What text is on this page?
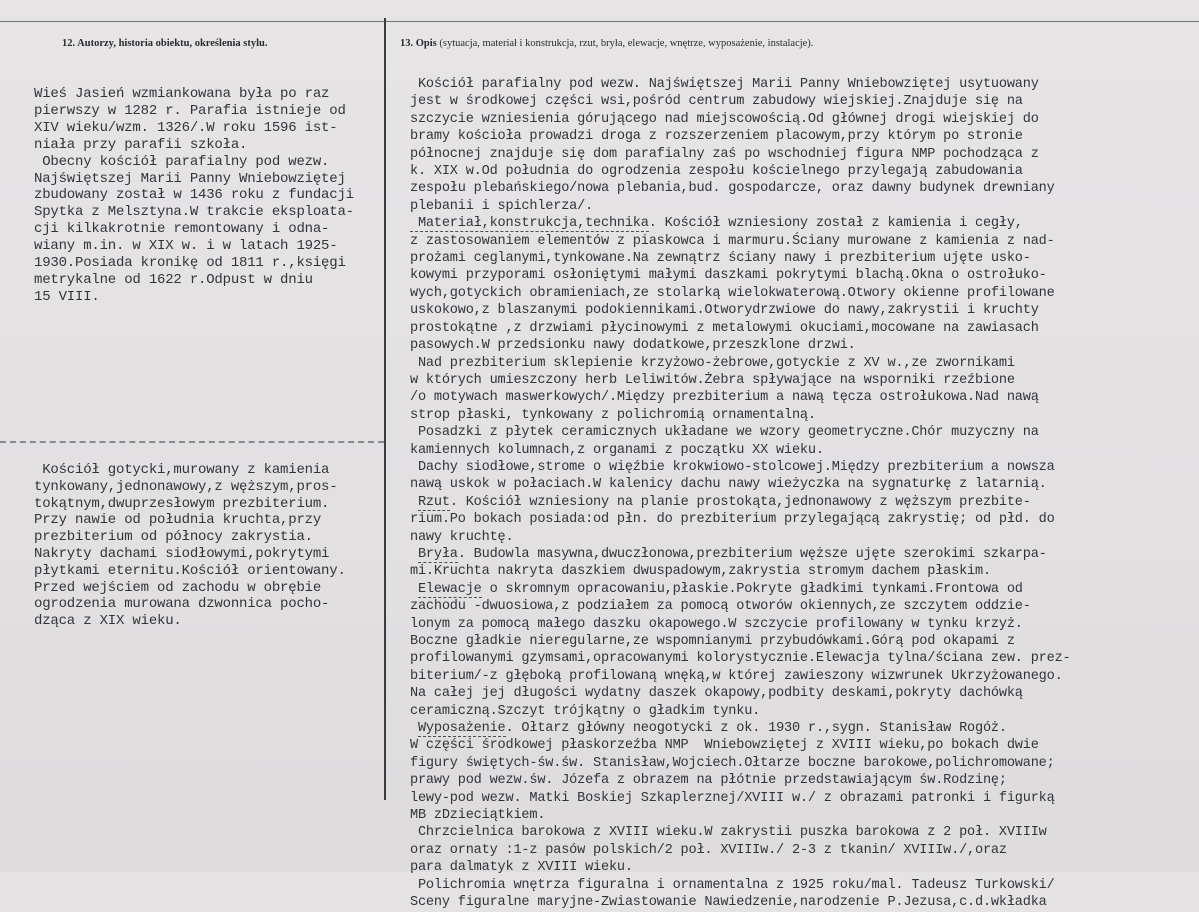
12. Autorzy, historia obiektu, określenia stylu.	13. Opis (sytuacja, materiał i konstrukcja, rzut, bryła, elewacje, wnętrze, wyposażenie, instalacje).
Wieś Jasień wzmiankowana była po raz
pierwszy w 1282 r. Parafia istnieje od
XIV wieku/wzm. 1326/.W roku 1596 ist-
niała przy parafii szkoła.
Obecny kościół parafialny pod wezw.
Najświętszej Marii Panny Wniebowziętej
zbudowany został w 1436 roku z fundacji
Spytka z Melsztyna.W trakcie eksploata-
cji kilkakrotnie remontowany i odna-
wiany m.in. w XIX w. i w latach 1925-
1930.Posiada kronikę od 1811 r.,księgi
metrykalne od 1622 r.Odpust w dniu
15 VIII.
Kościół gotycki,murowany z kamienia
tynkowany,jednonawowy,z węższym,pros-
tokątnym,dwuprzesłowym prezbiterium.
Przy nawie od południa kruchta,przy
prezbiterium od północy zakrystia.
Nakryty dachami siodłowymi,pokrytymi
płytkami eternitu.Kościół orientowany.
Przed wejściem od zachodu w obrębie
ogrodzenia murowana dzwonnica pocho-
dząca z XIX wieku.
Kościół parafialny pod wezw. Najświętszej Marii Panny Wniebowziętej usytuowany
jest w środkowej części wsi,pośród centrum zabudowy wiejskiej.Znajduje się na
szczycie wzniesienia górującego nad miejscowością.Od głównej drogi wiejskiej do
bramy kościoła prowadzi droga z rozszerzeniem placowym,przy którym po stronie
północnej znajduje się dom parafialny zaś po wschodniej figura NMP pochodząca z
k. XIX w.Od południa do ogrodzenia zespołu kościelnego przylegają zabudowania
zespołu plebańskiego/nowa plebania,bud. gospodarcze, oraz dawny budynek drewniany
plebanii i spichlerza/.
Materiał,konstrukcja,technika. Kościół wzniesiony został z kamienia i cegły,
z zastosowaniem elementów z piaskowca i marmuru.Ściany murowane z kamienia z nad-
prożami ceglanymi,tynkowane.Na zewnątrz ściany nawy i prezbiterium ujęte usko-
kowymi przyporami osłoniętymi małymi daszkami pokrytymi blachą.Okna o ostrołuko-
wych,gotyckich obramieniach,ze stolarką wielokwaterową.Otwory okienne profilowane
uskokowo,z blaszanymi podokiennikami.Otworydrzwiowe do nawy,zakrystii i kruchty
prostokątne ,z drzwiami płycinowymi z metalowymi okuciami,mocowane na zawiasach
pasowych.W przedsionku nawy dodatkowe,przeszklone drzwi.
Nad prezbiterium sklepienie krzyżowo-żebrowe,gotyckie z XV w.,ze zwornikami
w których umieszczony herb Leliwitów.Żebra spływające na wsporniki rzeźbione
/o motywach maswerkowych/.Między prezbiterium a nawą tęcza ostrołukowa.Nad nawą
strop płaski, tynkowany z polichromią ornamentalną.
Posadzki z płytek ceramicznych układane we wzory geometryczne.Chór muzyczny na
kamiennych kolumnach,z organami z początku XX wieku.
Dachy siodłowe,strome o więźbie krokwiowo-stolcowej.Między prezbiterium a nowsza
nawą uskok w połaciach.W kalenicy dachu nawy wieżyczka na sygnaturkę z latarnią.
Rzut. Kościół wzniesiony na planie prostokąta,jednonawowy z węższym prezbite-
rium.Po bokach posiada:od płn. do prezbiterium przylegającą zakrystię; od płd. do
nawy kruchtę.
Bryła. Budowla masywna,dwuczłonowa,prezbiterium węższe ujęte szerokimi szkarpa-
mi.Kruchta nakryta daszkiem dwuspadowym,zakrystia stromym dachem płaskim.
Elewacje o skromnym opracowaniu,płaskie.Pokryte gładkimi tynkami.Frontowa od
zachodu -dwuosiowa,z podziałem za pomocą otworów okiennych,ze szczytem oddzie-
lonym za pomocą małego daszku okapowego.W szczycie profilowany w tynku krzyż.
Boczne gładkie nieregularne,ze wspomnianymi przybudówkami.Górą pod okapami z
profilowanymi gzymsami,opracowanymi kolorystycznie.Elewacja tylna/ściana zew. prez-
biterium/-z głęboką profilowaną wnęką,w której zawieszony wizwrunek Ukrzyżowanego.
Na całej jej długości wydatny daszek okapowy,podbity deskami,pokryty dachówką
ceramiczną.Szczyt trójkątny o gładkim tynku.
Wyposażenie. Ołtarz główny neogotycki z ok. 1930 r.,sygn. Stanisław Rogóż.
W części środkowej płaskorzeźba NMP  Wniebowziętej z XVIII wieku,po bokach dwie
figury świętych-św.św. Stanisław,Wojciech.Ołtarze boczne barokowe,polichromowane;
prawy pod wezw.św. Józefa z obrazem na płótnie przedstawiającym św.Rodzinę;
lewy-pod wezw. Matki Boskiej Szkaplerznej/XVIII w./ z obrazami patronki i figurką
MB zDzieciątkiem.
Chrzcielnica barokowa z XVIII wieku.W zakrystii puszka barokowa z 2 poł. XVIIIw
oraz ornaty :1-z pasów polskich/2 poł. XVIIIw./ 2-3 z tkanin/ XVIIIw./,oraz
para dalmatyk z XVIII wieku.
Polichromia wnętrza figuralna i ornamentalna z 1925 roku/mal. Tadeusz Turkowski/
Sceny figuralne maryjne-Zwiastowanie Nawiedzenie,narodzenie P.Jezusa,c.d.wkładka
